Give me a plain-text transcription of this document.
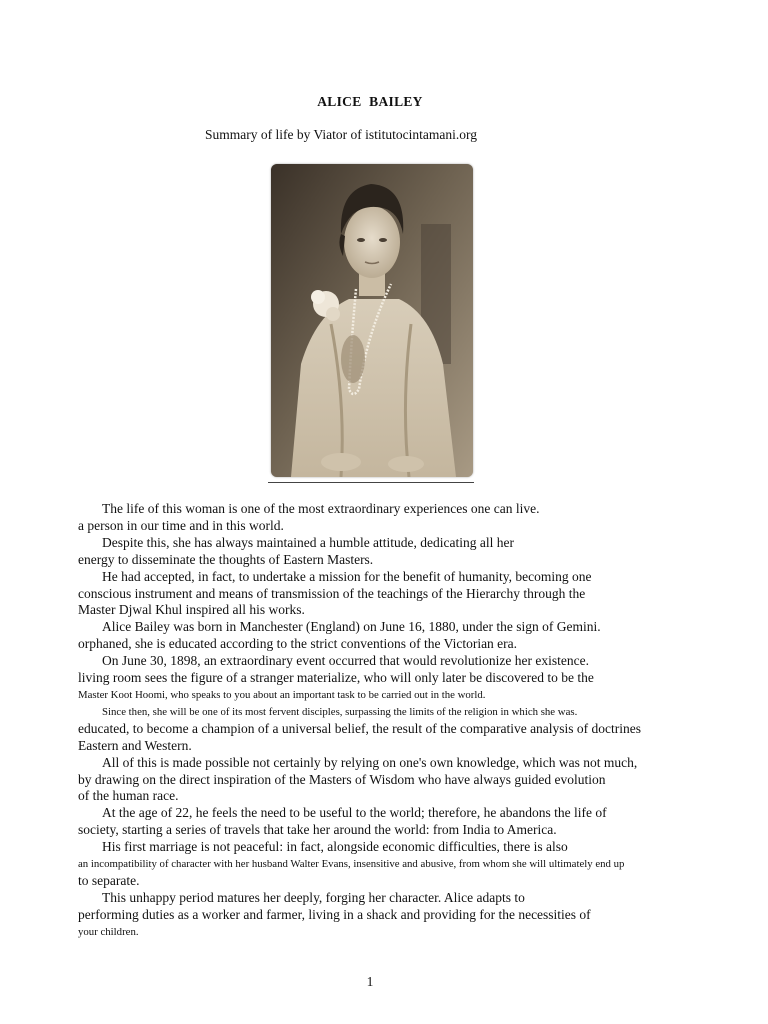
ALICE BAILEY
Summary of life by Viator of istitutocintamani.org

The life of this woman is one of the most extraordinary experiences one can live.

a person in our time and in this world.

Despite this, she has always maintained a humble attitude, dedicating all her

energy to disseminate the thoughts of Eastern Masters.

He had accepted, in fact, to undertake a mission for the benefit of humanity, becoming one

conscious instrument and means of transmission of the teachings of the Hierarchy through the

Master Djwal Khul inspired all his works.

Alice Bailey was born in Manchester (England) on June 16, 1880, under the sign of Gemini.

orphaned, she is educated according to the strict conventions of the Victorian era.

On June 30, 1898, an extraordinary event occurred that would revolutionize her existence.

living room sees the figure of a stranger materialize, who will only later be discovered to be the

Master Koot Hoomi, who speaks to you about an important task to be carried out in the world.

Since then, she will be one of its most fervent disciples, surpassing the limits of the religion in which she was.

educated, to become a champion of a universal belief, the result of the comparative analysis of doctrines

Eastern and Western.

All of this is made possible not certainly by relying on one's own knowledge, which was not much,

by drawing on the direct inspiration of the Masters of Wisdom who have always guided evolution

of the human race.

At the age of 22, he feels the need to be useful to the world; therefore, he abandons the life of

society, starting a series of travels that take her around the world: from India to America.

His first marriage is not peaceful: in fact, alongside economic difficulties, there is also

an incompatibility of character with her husband Walter Evans, insensitive and abusive, from whom she will ultimately end up

to separate.

This unhappy period matures her deeply, forging her character. Alice adapts to

performing duties as a worker and farmer, living in a shack and providing for the necessities of

your children.

1
